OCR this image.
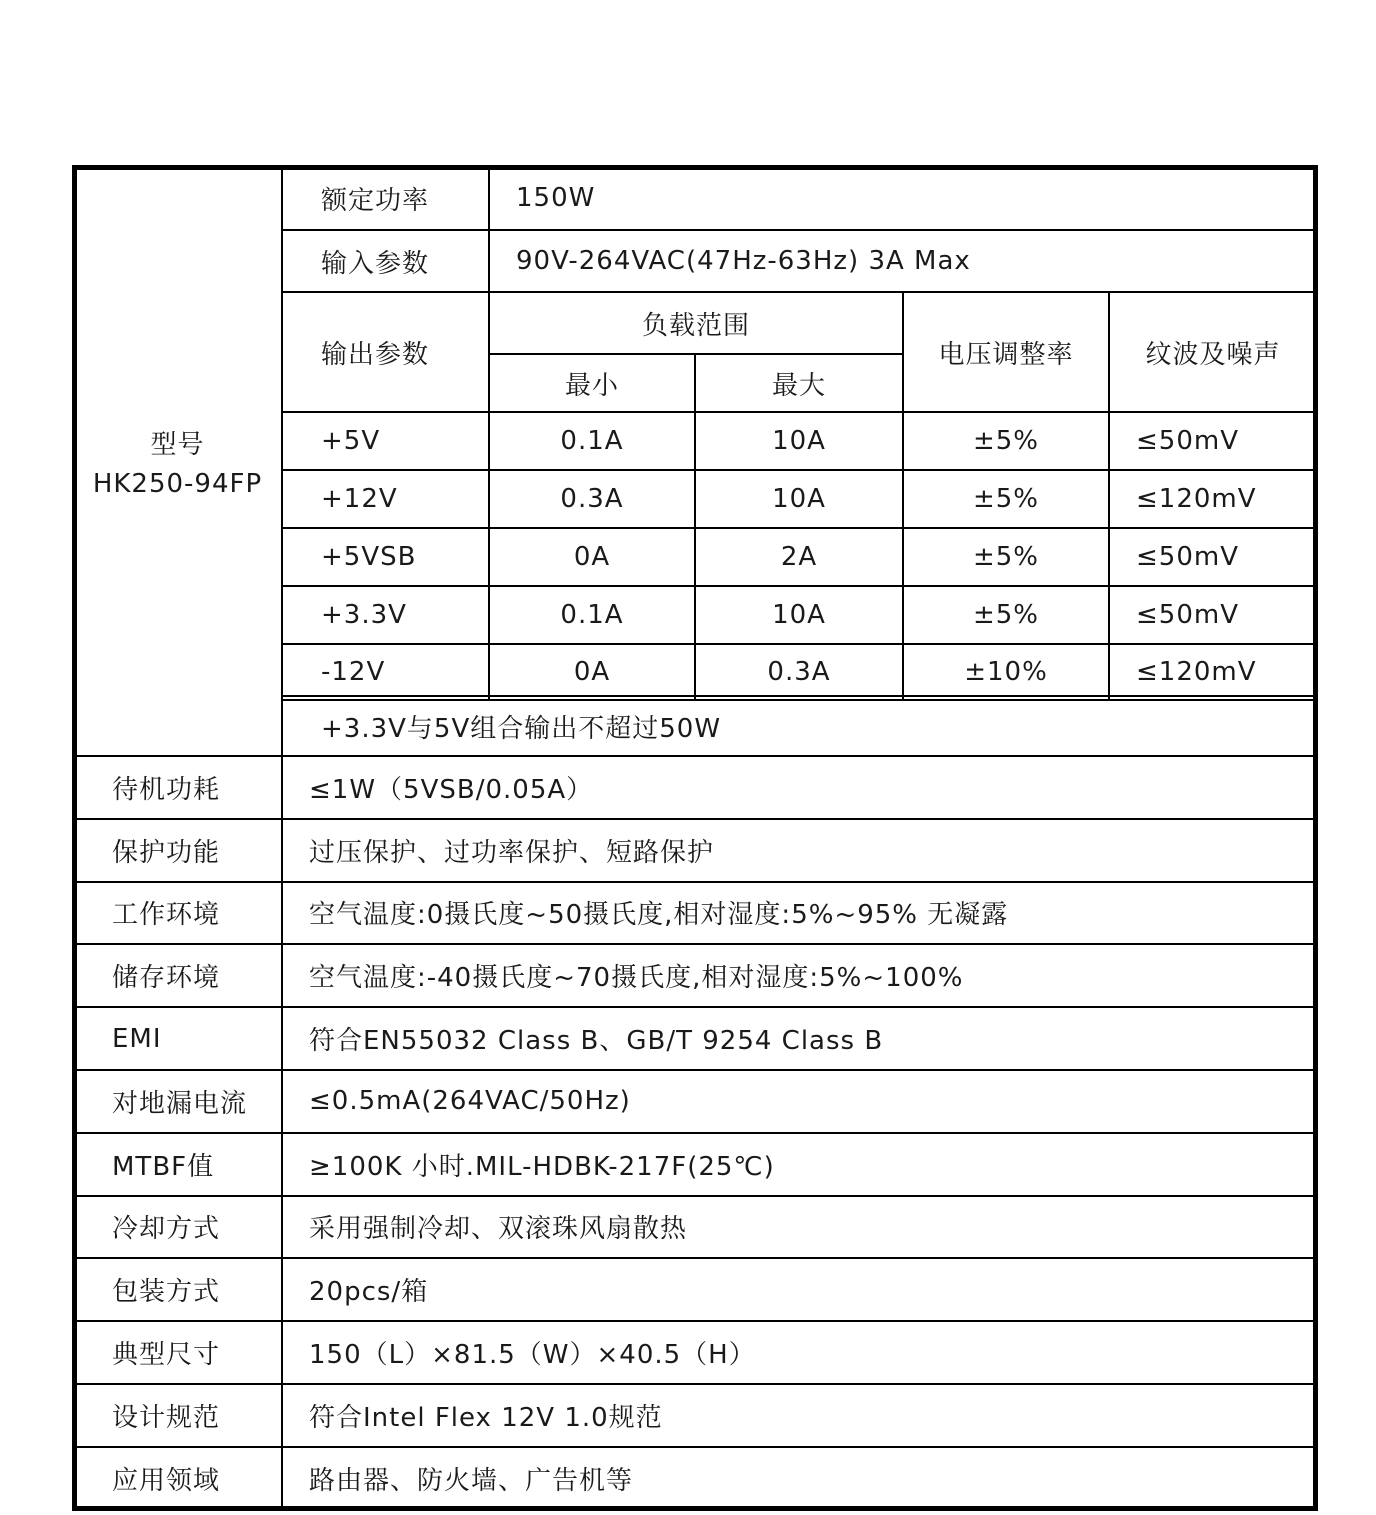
型号
HK250-94FP
额定功率	150W
输入参数	90V-264VAC(47Hz-63Hz) 3A Max
输出参数
负载范围
最小	最大
电压调整率	纹波及噪声
+5V	0.1A	10A	±5%	≤50mV
+12V	0.3A	10A	±5%	≤120mV
+5VSB	0A	2A	±5%	≤50mV
+3.3V	0.1A	10A	±5%	≤50mV
-12V	0A	0.3A	±10%	≤120mV
+3.3V与5V组合输出不超过50W
待机功耗	≤1W（5VSB/0.05A）
保护功能	过压保护、过功率保护、短路保护
工作环境	空气温度:0摄氏度~50摄氏度,相对湿度:5%~95% 无凝露
储存环境	空气温度:-40摄氏度~70摄氏度,相对湿度:5%~100%
EMI	符合EN55032 Class B、GB/T 9254 Class B
对地漏电流	≤0.5mA(264VAC/50Hz)
MTBF值	≥100K 小时.MIL-HDBK-217F(25℃)
冷却方式	采用强制冷却、双滚珠风扇散热
包装方式	20pcs/箱
典型尺寸	150（L）×81.5（W）×40.5（H）
设计规范	符合Intel Flex 12V 1.0规范
应用领域	路由器、防火墙、广告机等
